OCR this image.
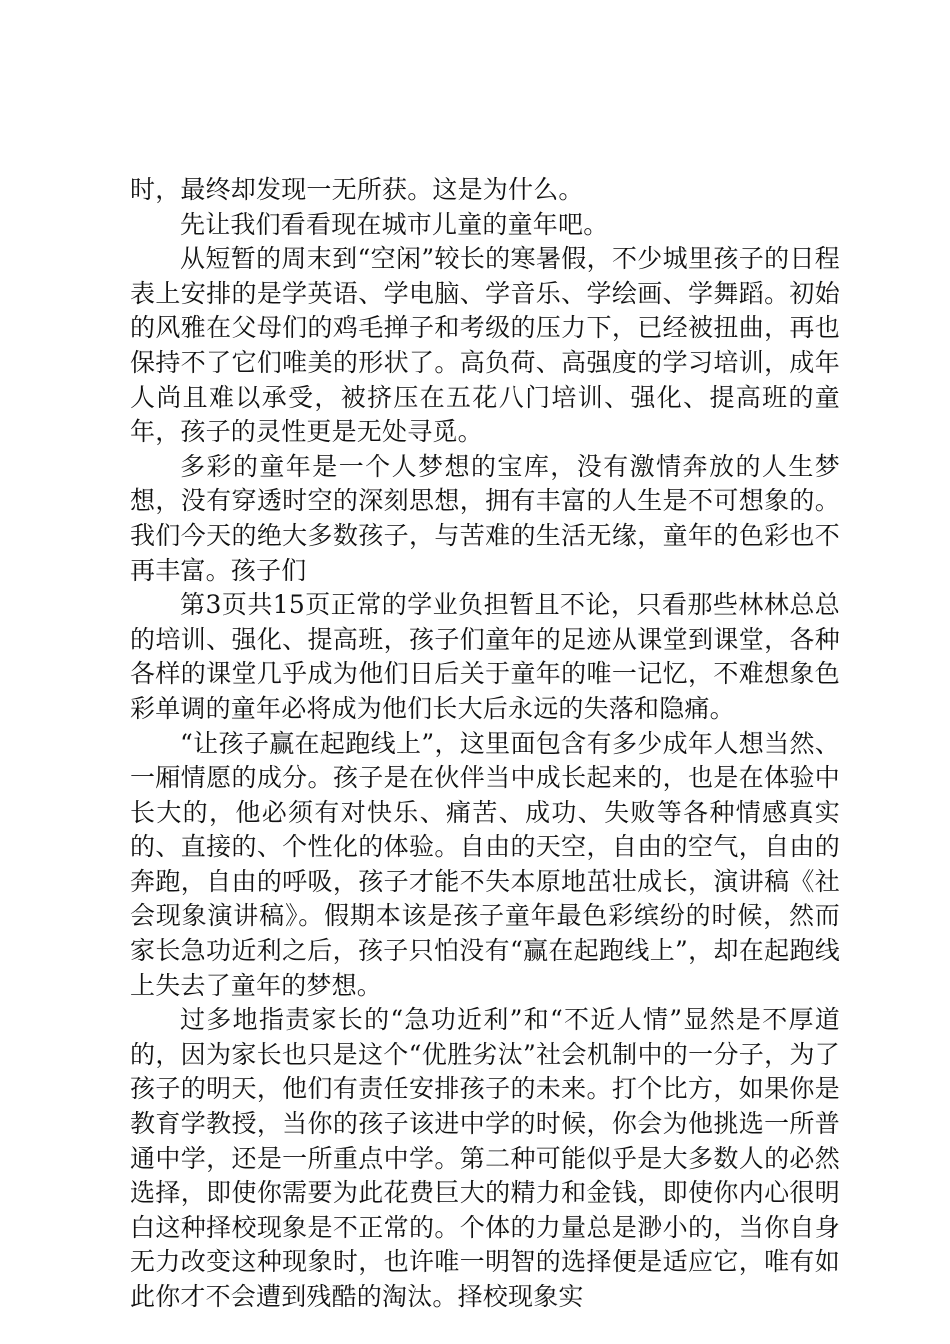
时，最终却发现一无所获。这是为什么。

先让我们看看现在城市儿童的童年吧。

从短暂的周末到“空闲”较长的寒暑假，不少城里孩子的日程表上安排的是学英语、学电脑、学音乐、学绘画、学舞蹈。初始的风雅在父母们的鸡毛掸子和考级的压力下，已经被扭曲，再也保持不了它们唯美的形状了。高负荷、高强度的学习培训，成年人尚且难以承受，被挤压在五花八门培训、强化、提高班的童年，孩子的灵性更是无处寻觅。

多彩的童年是一个人梦想的宝库，没有激情奔放的人生梦想，没有穿透时空的深刻思想，拥有丰富的人生是不可想象的。我们今天的绝大多数孩子，与苦难的生活无缘，童年的色彩也不再丰富。孩子们

第3页共15页正常的学业负担暂且不论，只看那些林林总总的培训、强化、提高班，孩子们童年的足迹从课堂到课堂，各种各样的课堂几乎成为他们日后关于童年的唯一记忆，不难想象色彩单调的童年必将成为他们长大后永远的失落和隐痛。

“让孩子赢在起跑线上”，这里面包含有多少成年人想当然、一厢情愿的成分。孩子是在伙伴当中成长起来的，也是在体验中长大的，他必须有对快乐、痛苦、成功、失败等各种情感真实的、直接的、个性化的体验。自由的天空，自由的空气，自由的奔跑，自由的呼吸，孩子才能不失本原地茁壮成长，演讲稿《社会现象演讲稿》。假期本该是孩子童年最色彩缤纷的时候，然而家长急功近利之后，孩子只怕没有“赢在起跑线上”，却在起跑线上失去了童年的梦想。

过多地指责家长的“急功近利”和“不近人情”显然是不厚道的，因为家长也只是这个“优胜劣汰”社会机制中的一分子，为了孩子的明天，他们有责任安排孩子的未来。打个比方，如果你是教育学教授，当你的孩子该进中学的时候，你会为他挑选一所普通中学，还是一所重点中学。第二种可能似乎是大多数人的必然选择，即使你需要为此花费巨大的精力和金钱，即使你内心很明白这种择校现象是不正常的。个体的力量总是渺小的，当你自身无力改变这种现象时，也许唯一明智的选择便是适应它，唯有如此你才不会遭到残酷的淘汰。择校现象实
